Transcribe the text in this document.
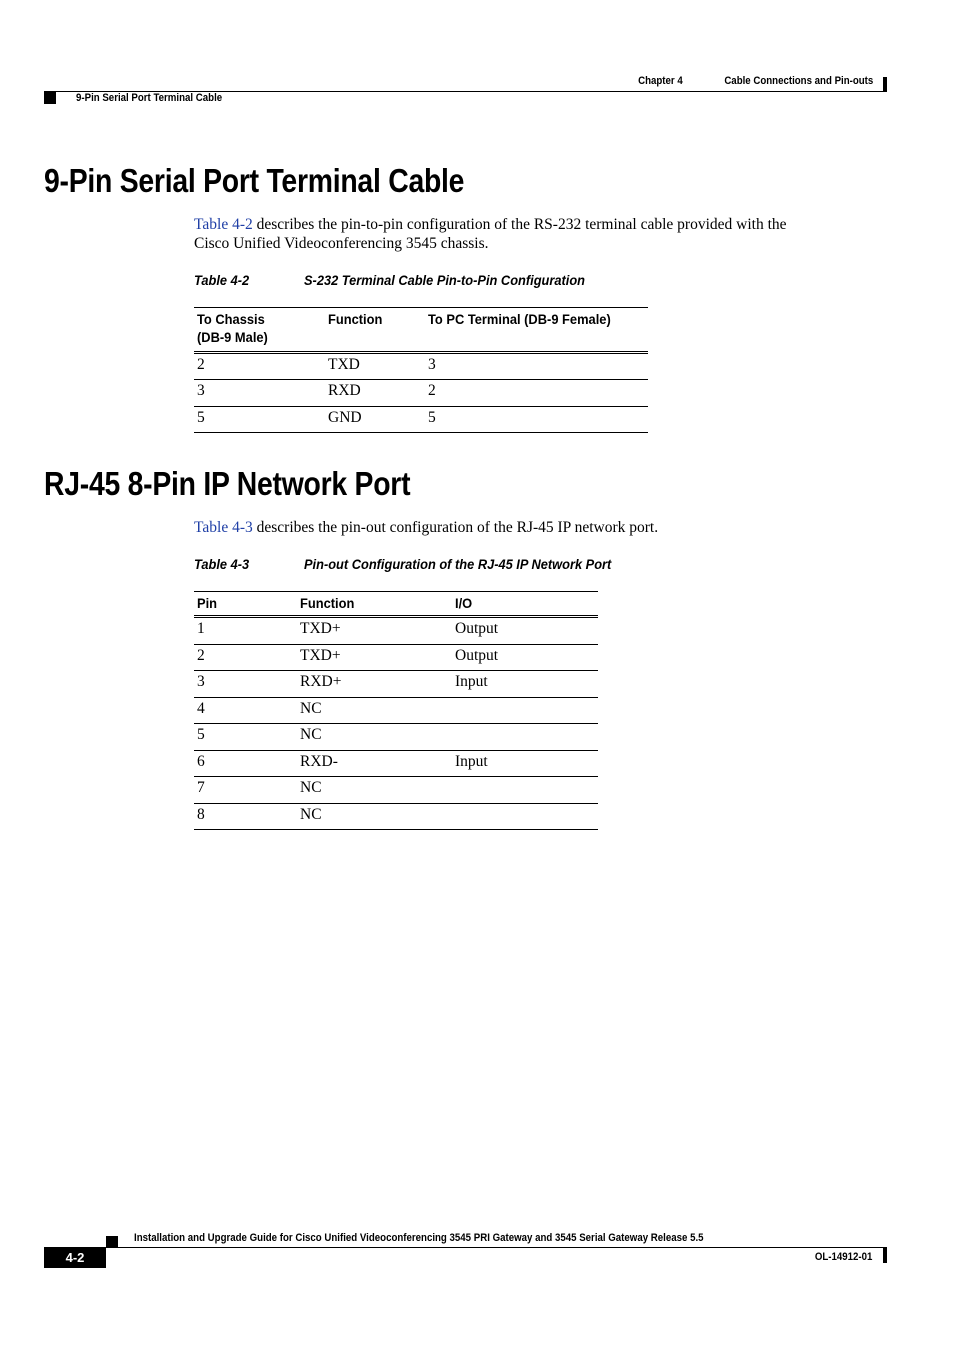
Chapter 4	Cable Connections and Pin-outs
9-Pin Serial Port Terminal Cable
9-Pin Serial Port Terminal Cable
Table 4-2 describes the pin-to-pin configuration of the RS-232 terminal cable provided with the
Cisco Unified Videoconferencing 3545 chassis.
Table 4-2	S-232 Terminal Cable Pin-to-Pin Configuration
To Chassis
(DB-9 Male)
Function	To PC Terminal (DB-9 Female)
2	TXD	3
3	RXD	2
5	GND	5
RJ-45 8-Pin IP Network Port
Table 4-3 describes the pin-out configuration of the RJ-45 IP network port.
Table 4-3	Pin-out Configuration of the RJ-45 IP Network Port
Pin	Function	I/O
1	TXD+	Output
2	TXD+	Output
3	RXD+	Input
4	NC
5	NC
6	RXD-	Input
7	NC
8	NC
Installation and Upgrade Guide for Cisco Unified Videoconferencing 3545 PRI Gateway and 3545 Serial Gateway Release 5.5
4-2	OL-14912-01
